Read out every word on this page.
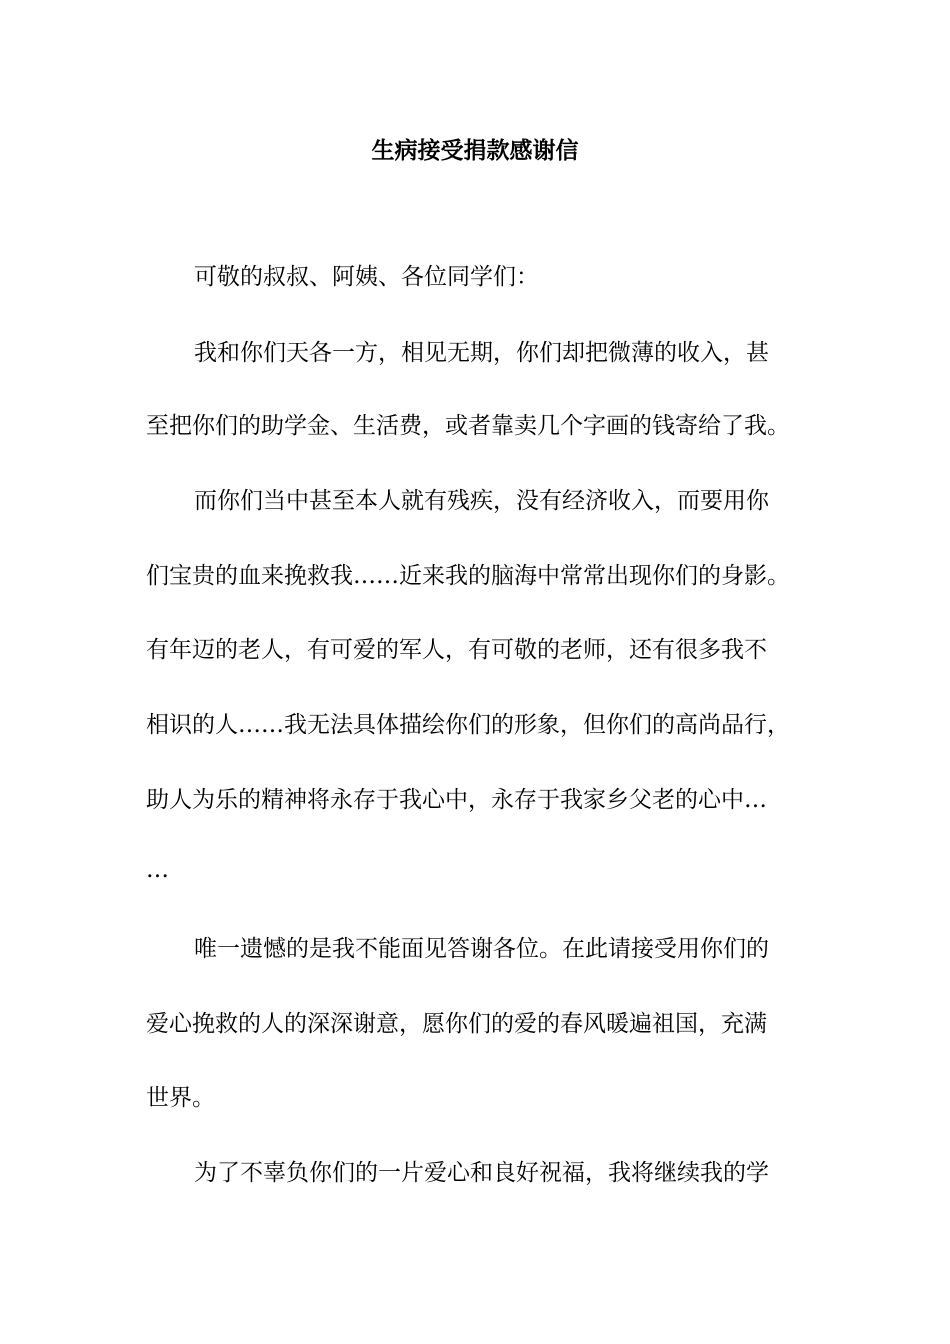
生病接受捐款感谢信
可敬的叔叔、阿姨、各位同学们：
我和你们天各一方，相见无期，你们却把微薄的收入，甚
至把你们的助学金、生活费，或者靠卖几个字画的钱寄给了我。
而你们当中甚至本人就有残疾，没有经济收入，而要用你
们宝贵的血来挽救我……近来我的脑海中常常出现你们的身影。
有年迈的老人，有可爱的军人，有可敬的老师，还有很多我不
相识的人……我无法具体描绘你们的形象，但你们的高尚品行，
助人为乐的精神将永存于我心中，永存于我家乡父老的心中…
…
唯一遗憾的是我不能面见答谢各位。在此请接受用你们的
爱心挽救的人的深深谢意，愿你们的爱的春风暖遍祖国，充满
世界。
为了不辜负你们的一片爱心和良好祝福，我将继续我的学
